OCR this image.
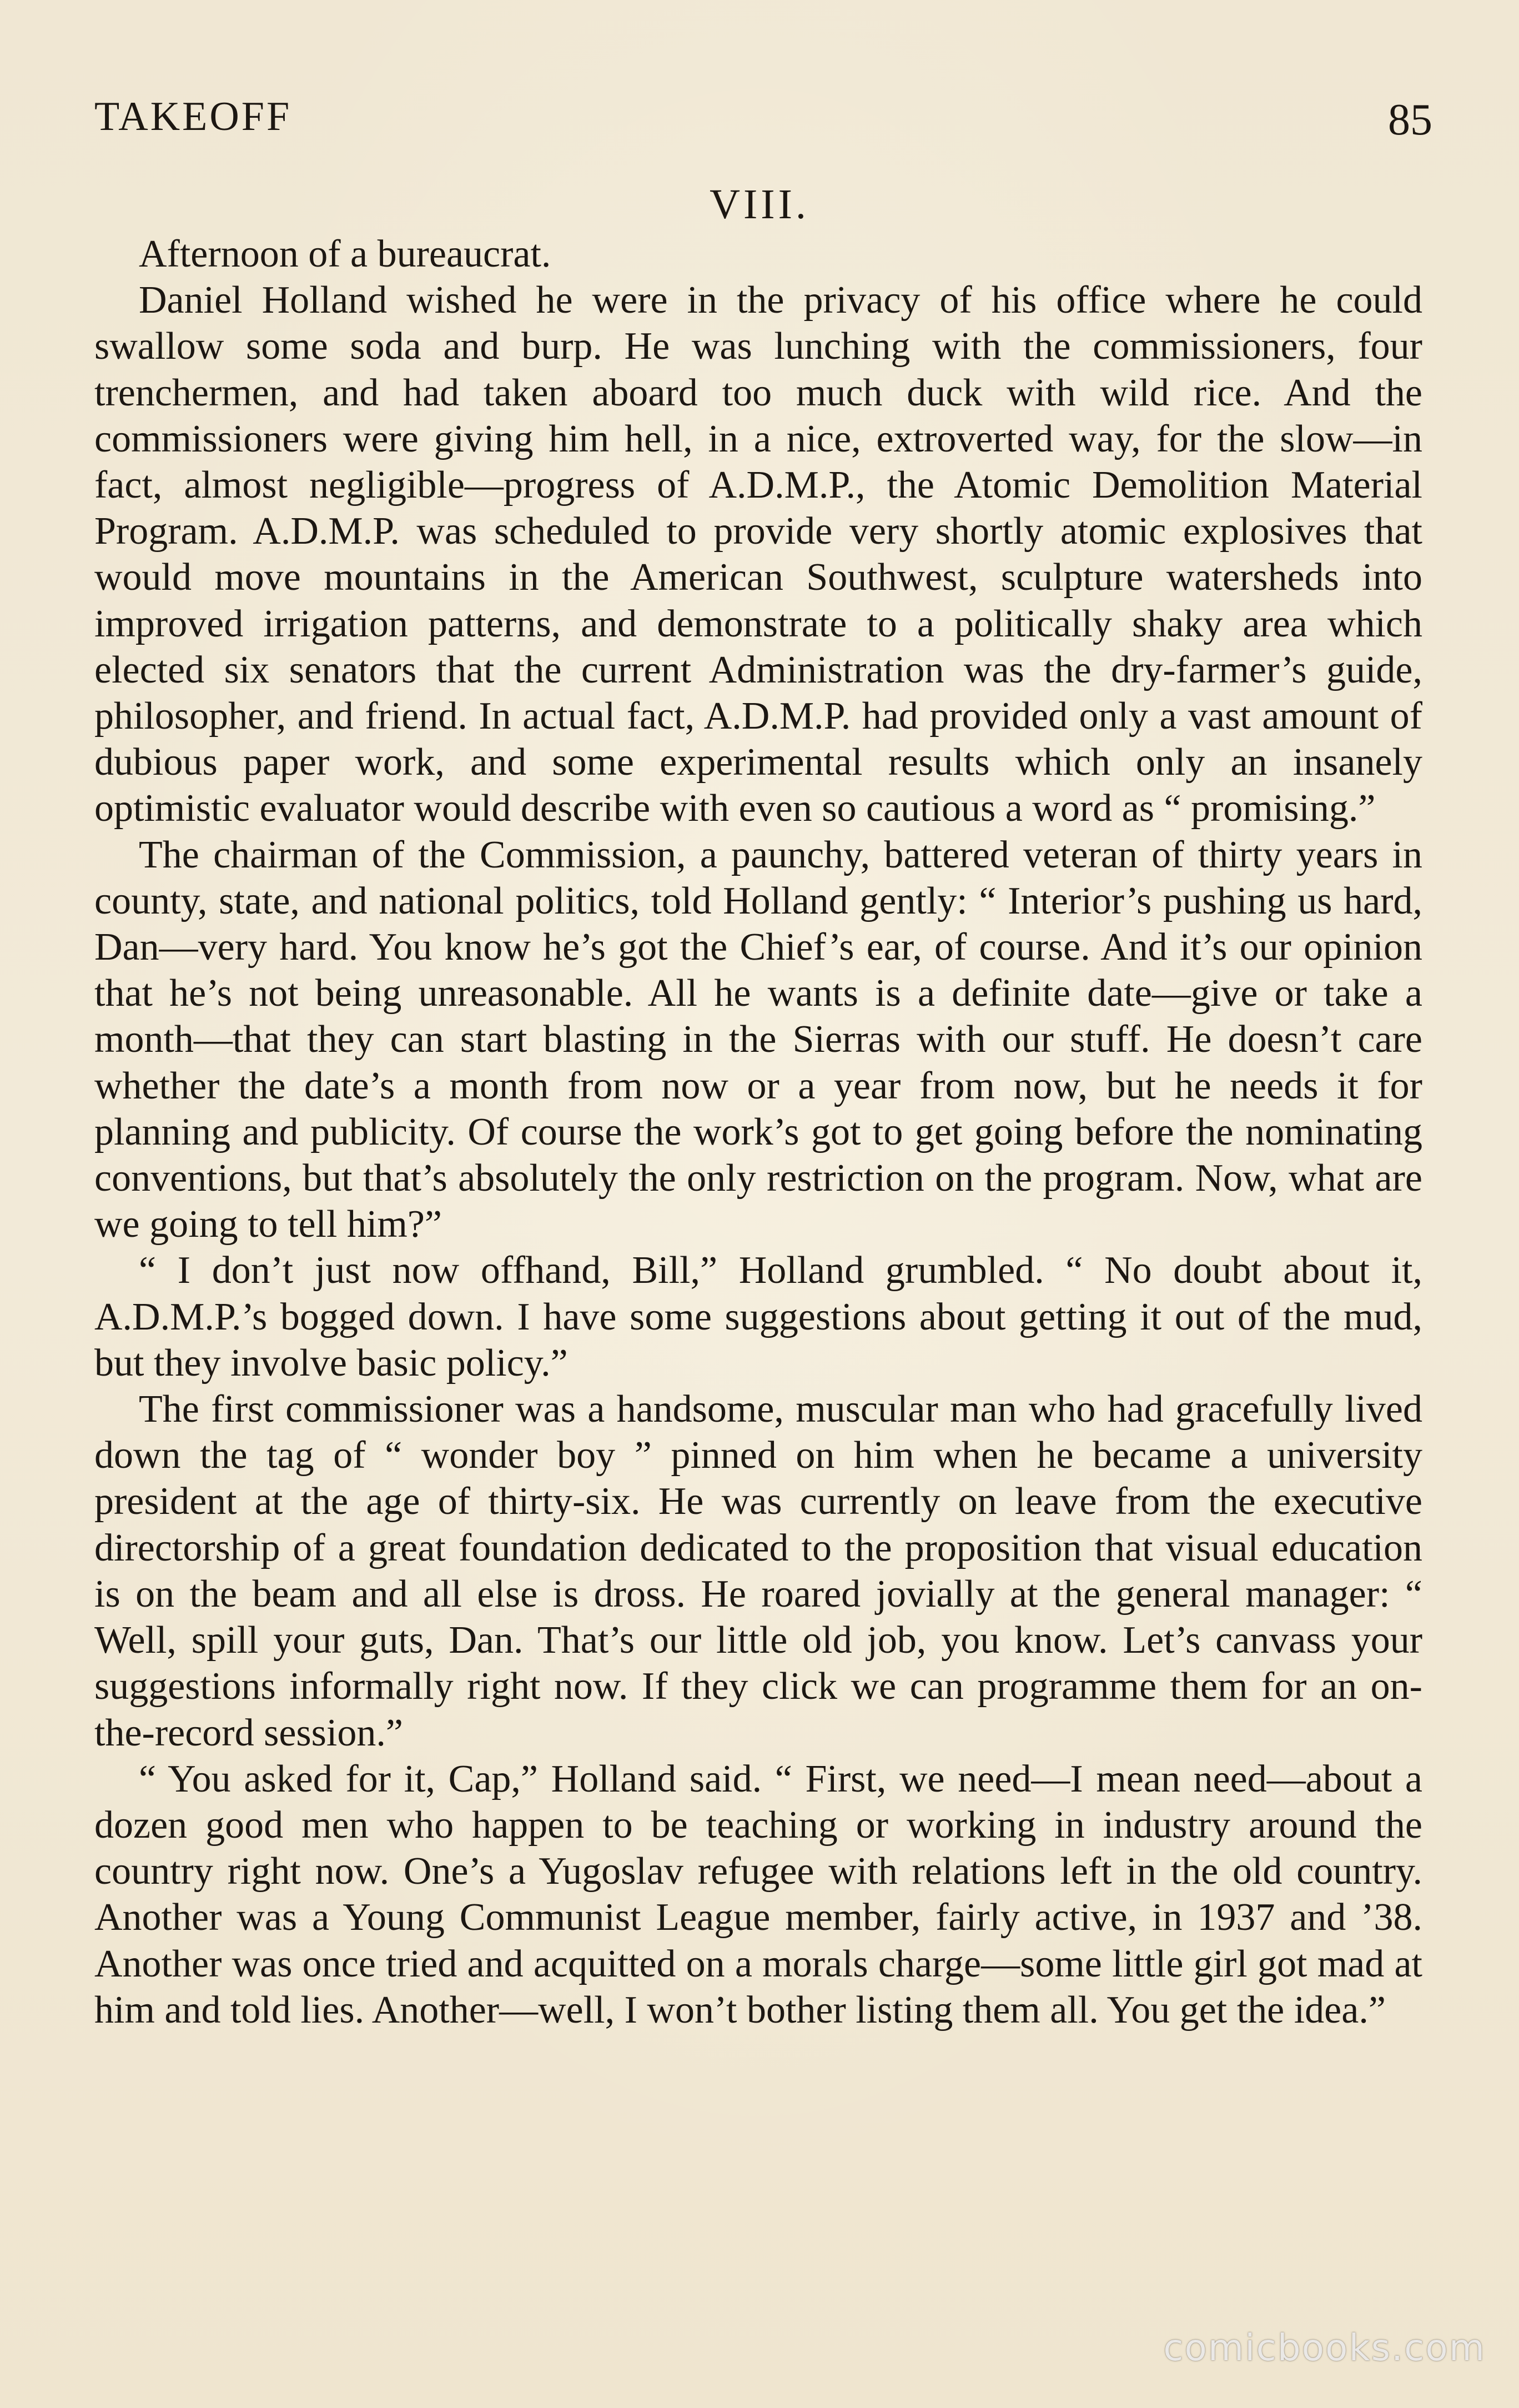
TAKEOFF	85
VIII.

Afternoon of a bureaucrat.

Daniel Holland wished he were in the privacy of his office where he could swallow some soda and burp. He was lunching with the commissioners, four trenchermen, and had taken aboard too much duck with wild rice. And the commissioners were giving him hell, in a nice, extroverted way, for the slow—in fact, almost negligible—progress of A.D.M.P., the Atomic Demolition Material Program. A.D.M.P. was scheduled to provide very shortly atomic explosives that would move mountains in the American Southwest, sculpture watersheds into improved irrigation patterns, and demonstrate to a politically shaky area which elected six senators that the current Administration was the dry-farmer’s guide, philosopher, and friend. In actual fact, A.D.M.P. had provided only a vast amount of dubious paper work, and some experimental results which only an insanely optimistic evaluator would describe with even so cautious a word as “ promising.”

The chairman of the Commission, a paunchy, battered veteran of thirty years in county, state, and national politics, told Holland gently: “ Interior’s pushing us hard, Dan—very hard. You know he’s got the Chief’s ear, of course. And it’s our opinion that he’s not being unreasonable. All he wants is a definite date—give or take a month—that they can start blasting in the Sierras with our stuff. He doesn’t care whether the date’s a month from now or a year from now, but he needs it for planning and publicity. Of course the work’s got to get going before the nominating conventions, but that’s absolutely the only restriction on the program. Now, what are we going to tell him?”

“ I don’t just now offhand, Bill,” Holland grumbled. “ No doubt about it, A.D.M.P.’s bogged down. I have some suggestions about getting it out of the mud, but they involve basic policy.”

The first commissioner was a handsome, muscular man who had gracefully lived down the tag of “ wonder boy ” pinned on him when he became a university president at the age of thirty-six. He was currently on leave from the executive directorship of a great foundation dedicated to the proposition that visual education is on the beam and all else is dross. He roared jovially at the general manager: “ Well, spill your guts, Dan. That’s our little old job, you know. Let’s canvass your suggestions informally right now. If they click we can programme them for an on-the-record session.”

“ You asked for it, Cap,” Holland said. “ First, we need—I mean need—about a dozen good men who happen to be teaching or working in industry around the country right now. One’s a Yugoslav refugee with relations left in the old country. Another was a Young Communist League member, fairly active, in 1937 and ’38. Another was once tried and acquitted on a morals charge—some little girl got mad at him and told lies. Another—well, I won’t bother listing them all. You get the idea.”

comicbooks.com
